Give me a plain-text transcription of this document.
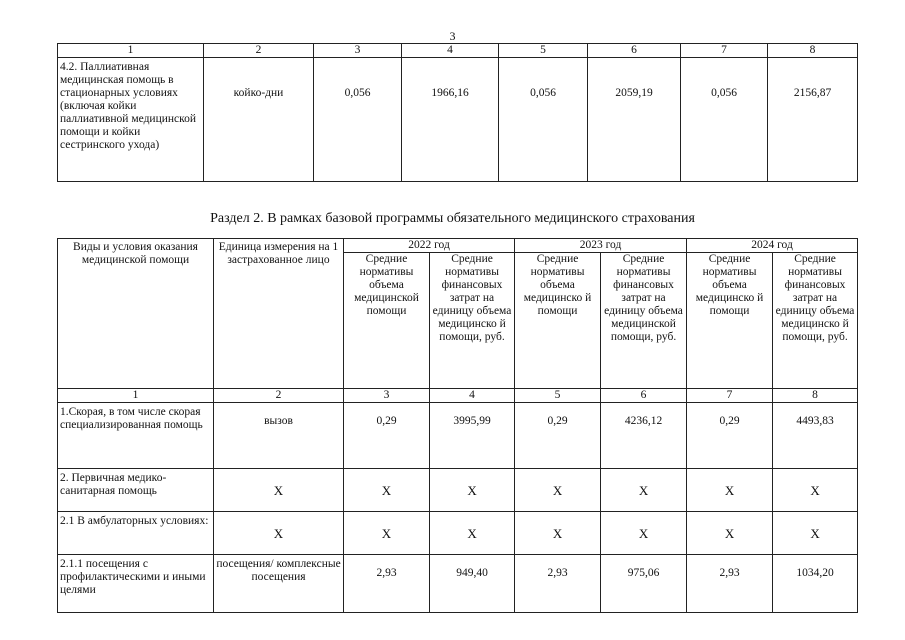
3
1	2	3	4	5	6	7	8
4.2. Паллиативная медицинская помощь в стационарных условиях (включая койки паллиативной медицинской помощи и койки сестринского ухода)	койко-дни	0,056	1966,16	0,056	2059,19	0,056	2156,87
Раздел 2. В рамках базовой программы обязательного медицинского страхования
Виды и условия оказания медицинской помощи	Единица измерения на 1 застрахованное лицо	2022 год		2023 год		2024 год	
		Средние нормативы объема медицинской помощи	Средние нормативы финансовых затрат на единицу объема медицинско й помощи, руб.	Средние нормативы объема медицинско й помощи	Средние нормативы финансовых затрат на единицу объема медицинской помощи, руб.	Средние нормативы объема медицинско й помощи	Средние нормативы финансовых затрат на единицу объема медицинско й помощи, руб.
1	2	3	4	5	6	7	8
1.Скорая, в том числе скорая специализированная помощь	вызов	0,29	3995,99	0,29	4236,12	0,29	4493,83
2. Первичная медико-санитарная помощь	X	X	X	X	X	X	X
2.1 В амбулаторных условиях:	X	X	X	X	X	X	X
2.1.1 посещения с профилактическими и иными целями	посещения/ комплексные посещения	2,93	949,40	2,93	975,06	2,93	1034,20
